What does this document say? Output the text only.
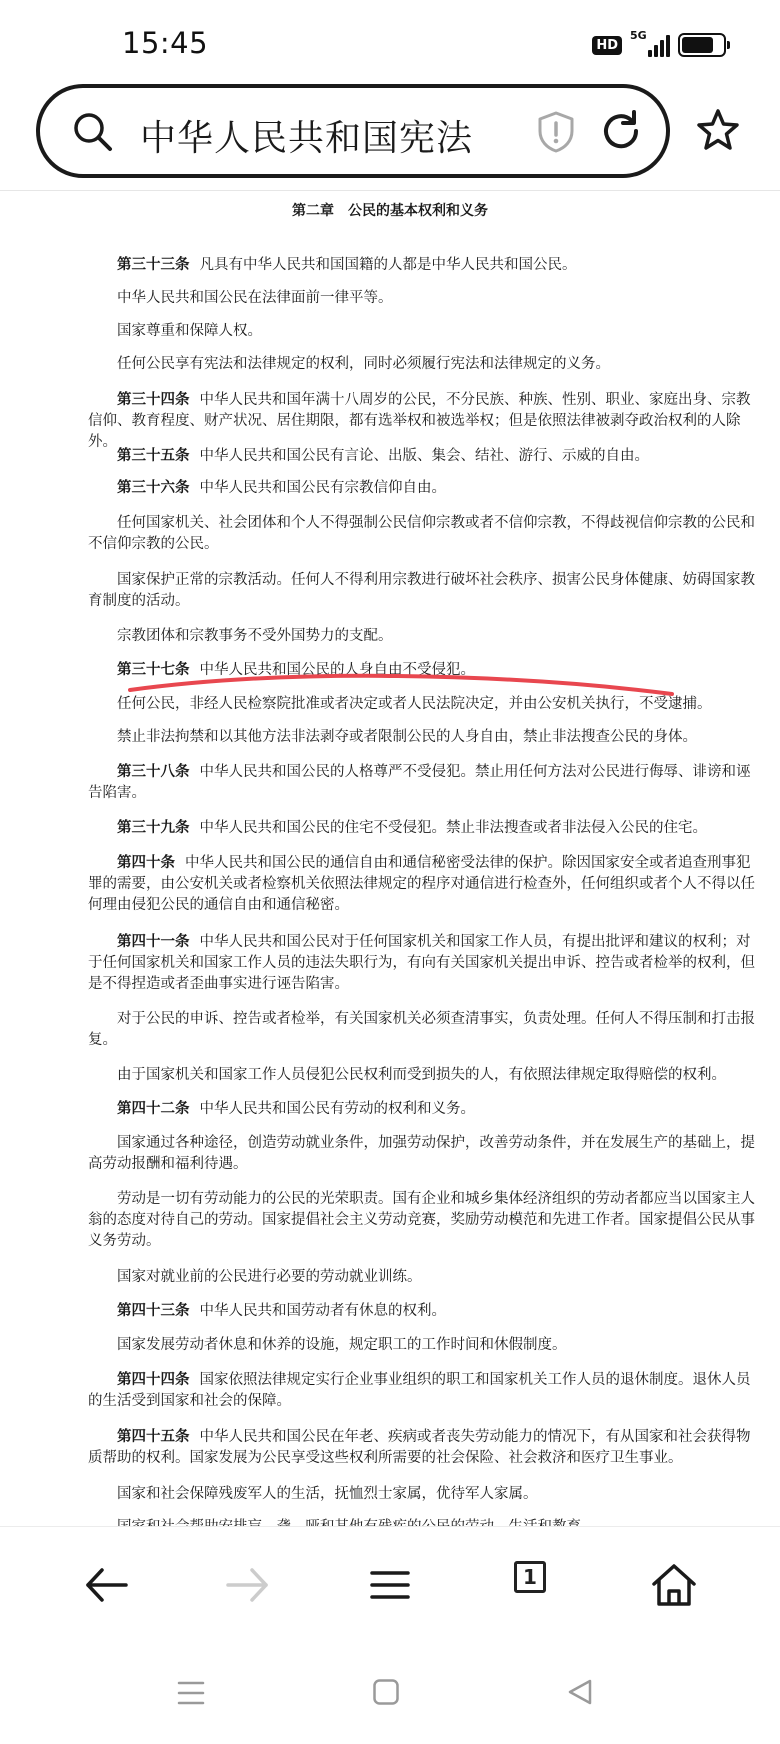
15:45	HD
5G
中华人民共和国宪法
第二章　公民的基本权利和义务
第三十三条 凡具有中华人民共和国国籍的人都是中华人民共和国公民。
中华人民共和国公民在法律面前一律平等。
国家尊重和保障人权。
任何公民享有宪法和法律规定的权利，同时必须履行宪法和法律规定的义务。
第三十四条 中华人民共和国年满十八周岁的公民，不分民族、种族、性别、职业、家庭出身、宗教信仰、教育程度、财产状况、居住期限，都有选举权和被选举权；但是依照法律被剥夺政治权利的人除外。
第三十五条 中华人民共和国公民有言论、出版、集会、结社、游行、示威的自由。
第三十六条 中华人民共和国公民有宗教信仰自由。
任何国家机关、社会团体和个人不得强制公民信仰宗教或者不信仰宗教，不得歧视信仰宗教的公民和不信仰宗教的公民。
国家保护正常的宗教活动。任何人不得利用宗教进行破坏社会秩序、损害公民身体健康、妨碍国家教育制度的活动。
宗教团体和宗教事务不受外国势力的支配。
第三十七条 中华人民共和国公民的人身自由不受侵犯。
任何公民，非经人民检察院批准或者决定或者人民法院决定，并由公安机关执行，不受逮捕。
禁止非法拘禁和以其他方法非法剥夺或者限制公民的人身自由，禁止非法搜查公民的身体。
第三十八条 中华人民共和国公民的人格尊严不受侵犯。禁止用任何方法对公民进行侮辱、诽谤和诬告陷害。
第三十九条 中华人民共和国公民的住宅不受侵犯。禁止非法搜查或者非法侵入公民的住宅。
第四十条 中华人民共和国公民的通信自由和通信秘密受法律的保护。除因国家安全或者追查刑事犯罪的需要，由公安机关或者检察机关依照法律规定的程序对通信进行检查外，任何组织或者个人不得以任何理由侵犯公民的通信自由和通信秘密。
第四十一条 中华人民共和国公民对于任何国家机关和国家工作人员，有提出批评和建议的权利；对于任何国家机关和国家工作人员的违法失职行为，有向有关国家机关提出申诉、控告或者检举的权利，但是不得捏造或者歪曲事实进行诬告陷害。
对于公民的申诉、控告或者检举，有关国家机关必须查清事实，负责处理。任何人不得压制和打击报复。
由于国家机关和国家工作人员侵犯公民权利而受到损失的人，有依照法律规定取得赔偿的权利。
第四十二条 中华人民共和国公民有劳动的权利和义务。
国家通过各种途径，创造劳动就业条件，加强劳动保护，改善劳动条件，并在发展生产的基础上，提高劳动报酬和福利待遇。
劳动是一切有劳动能力的公民的光荣职责。国有企业和城乡集体经济组织的劳动者都应当以国家主人翁的态度对待自己的劳动。国家提倡社会主义劳动竞赛，奖励劳动模范和先进工作者。国家提倡公民从事义务劳动。
国家对就业前的公民进行必要的劳动就业训练。
第四十三条 中华人民共和国劳动者有休息的权利。
国家发展劳动者休息和休养的设施，规定职工的工作时间和休假制度。
第四十四条 国家依照法律规定实行企业事业组织的职工和国家机关工作人员的退休制度。退休人员的生活受到国家和社会的保障。
第四十五条 中华人民共和国公民在年老、疾病或者丧失劳动能力的情况下，有从国家和社会获得物质帮助的权利。国家发展为公民享受这些权利所需要的社会保险、社会救济和医疗卫生事业。
国家和社会保障残废军人的生活，抚恤烈士家属，优待军人家属。
1
